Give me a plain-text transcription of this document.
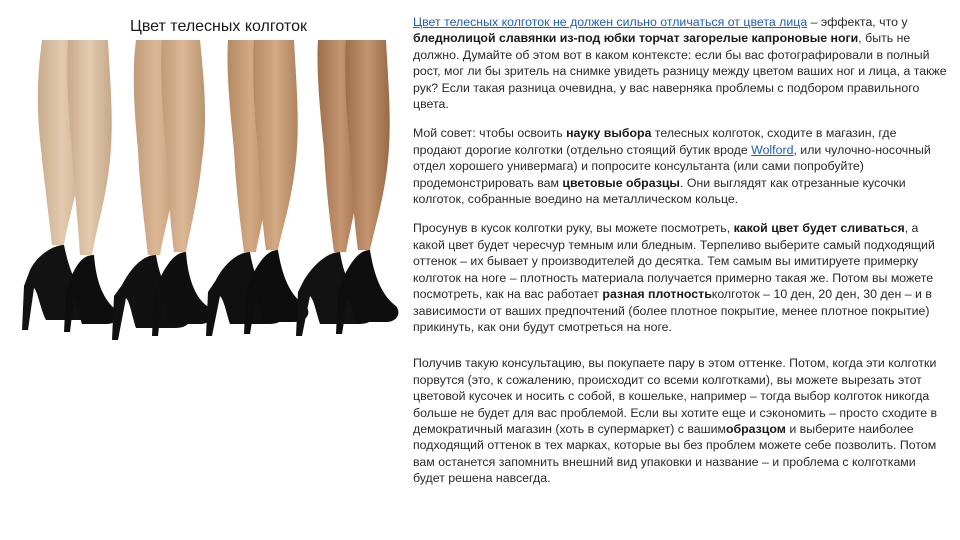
Цвет телесных колготок	Цвет телесных колготок не должен сильно отличаться от цвета лица – эффекта, что у бледнолицой славянки из-под юбки торчат загорелые капроновые ноги, быть не должно. Думайте об этом вот в каком контексте: если бы вас фотографировали в полный рост, мог ли бы зритель на снимке увидеть разницу между цветом ваших ног и лица, а также рук? Если такая разница очевидна, у вас наверняка проблемы с подбором правильного цвета.

Мой совет: чтобы освоить науку выбора телесных колготок, сходите в магазин, где продают дорогие колготки (отдельно стоящий бутик вроде Wolford, или чулочно-носочный отдел хорошего универмага) и попросите консультанта (или сами попробуйте) продемонстрировать вам цветовые образцы. Они выглядят как отрезанные кусочки колготок, собранные воедино на металлическом кольце.

Просунув в кусок колготки руку, вы можете посмотреть, какой цвет будет сливаться, а какой цвет будет чересчур темным или бледным. Терпеливо выберите самый подходящий оттенок – их бывает у производителей до десятка. Тем самым вы имитируете примерку колготок на ноге – плотность материала получается примерно такая же. Потом вы можете посмотреть, как на вас работает разная плотностьколготок – 10 ден, 20 ден, 30 ден – и в зависимости от ваших предпочтений (более плотное покрытие, менее плотное покрытие) прикинуть, как они будут смотреться на ноге.

Получив такую консультацию, вы покупаете пару в этом оттенке. Потом, когда эти колготки порвутся (это, к сожалению, происходит со всеми колготками), вы можете вырезать этот цветовой кусочек и носить с собой, в кошельке, например – тогда выбор колготок никогда больше не будет для вас проблемой. Если вы хотите еще и сэкономить – просто сходите в демократичный магазин (хоть в супермаркет) с вашимобразцом и выберите наиболее подходящий оттенок в тех марках, которые вы без проблем можете себе позволить. Потом вам останется запомнить внешний вид упаковки и название – и проблема с колготками будет решена навсегда.
